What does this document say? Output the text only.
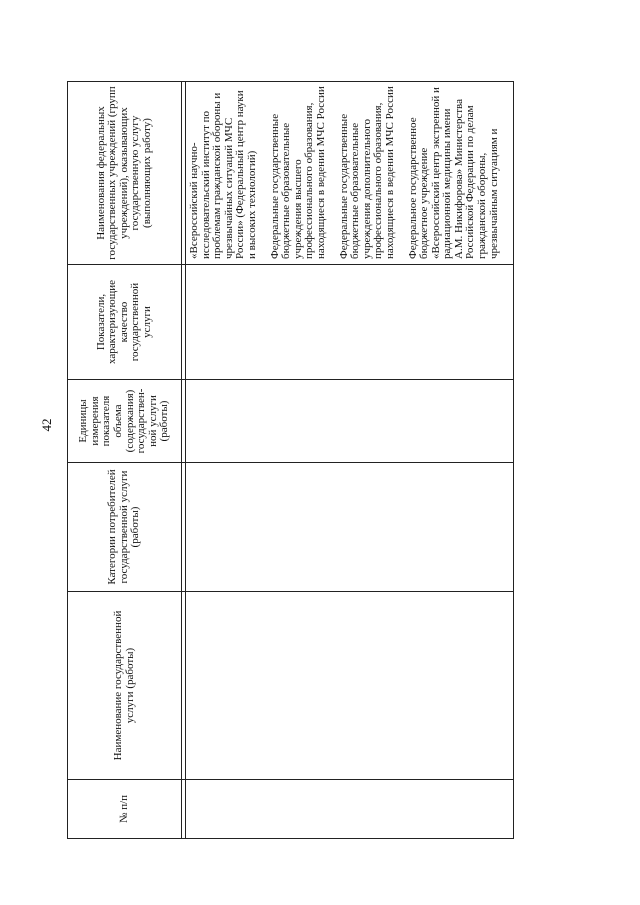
42
№ п/п	Наименование государственной услуги (работы)	Категории потребителей государственной услуги (работы)	Единицы измерения показателя объема (содержания) государствен-ной услуги (работы)	Показатели, характеризующие качество государственной услуги	Наименования федеральных государственных учреждений (групп учреждений), оказывающих государственную услугу (выполняющих работу)

					«Всероссийский научно-исследовательский институт по проблемам гражданской обороны и чрезвычайных ситуаций МЧС России» (Федеральный центр науки и высоких технологий) Федеральные государственные бюджетные образовательные учреждения высшего профессионального образования, находящиеся в ведении МЧС России Федеральные государственные бюджетные образовательные учреждения дополнительного профессионального образования, находящиеся в ведении МЧС России Федеральное государственное бюджетное учреждение «Всероссийский центр экстренной и радиационной медицины имени А.М. Никифорова» Министерства Российской Федерации по делам гражданской обороны, чрезвычайным ситуациям и
